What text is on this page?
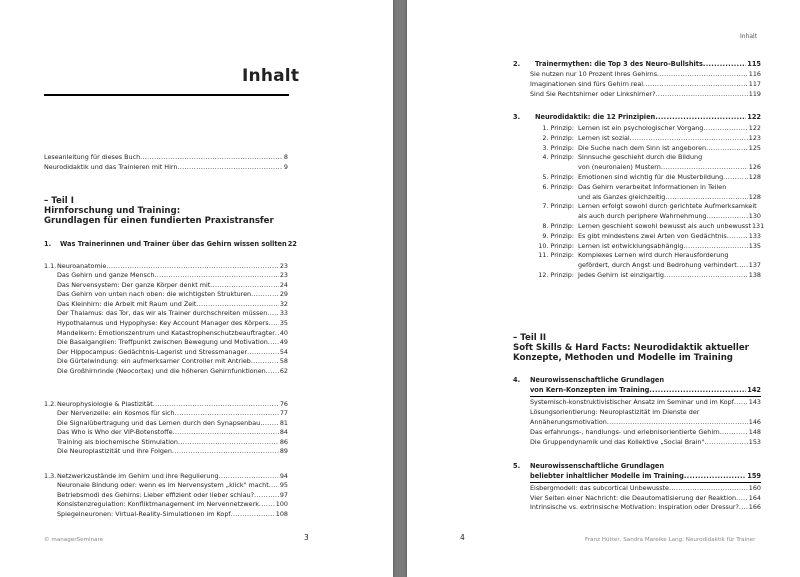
Inhalt
Leseanleitung für dieses Buch .....	8
Neurodidaktik und das Trainieren mit Hirn .....	9
– Teil I
Hirnforschung und Training:
Grundlagen für einen fundierten Praxistransfer
1. Was Trainerinnen und Trainer über das Gehirn wissen sollten 22
1.1.Neuroanatomie .....	23
Das Gehirn und ganze Mensch .....	23
Das Nervensystem: Der ganze Körper denkt mit .....	24
Das Gehirn von unten nach oben: die wichtigsten Strukturen .....	29
Das Kleinhirn: die Arbeit mit Raum und Zeit .....	32
Der Thalamus: das Tor, das wir als Trainer durchschreiten müssen ..... 33
Hypothalamus und Hypophyse: Key Account Manager des Körpers ..... 35
Mandelkern: Emotionszentrum und Katastrophenschutzbeauftragter ..... 40
Die Basalganglien: Treffpunkt zwischen Bewegung und Motivation ..... 49
Der Hippocampus: Gedächtnis-Lagerist und Stressmanager .....	54
Die Gürtelwindung: ein aufmerksamer Controller mit Antrieb .....	58
Die Großhirnrinde (Neocortex) und die höheren Gehirnfunktionen ..... 62
1.2.Neurophysiologie & Plastizität .....	76
Der Nervenzelle: ein Kosmos für sich .....	77
Die Signalübertragung und das Lernen durch den Synapsenbau .....	81
Das Who is Who der VIP-Botenstoffe .....	84
Training als biochemische Stimulation .....	86
Die Neuroplastizität und ihre Folgen .....	89
1.3.Netzwerkzustände im Gehirn und ihre Regulierung .....	94
Neuronale Bindung oder: wenn es im Nervensystem „klick" macht ..... 95
Betriebsmodi des Gehirns: Lieber effizient oder lieber schlau? .....	97
Konsistenzregulation: Konfliktmanagement im Nervennetzwerk .....	100
Spiegelneuronen: Virtual-Reality-Simulationen im Kopf .....	108
© managerSeminare	3
Inhalt
2. Trainermythen: die Top 3 des Neuro-Bullshits .....	115
Sie nutzen nur 10 Prozent Ihres Gehirns .....	116
Imaginationen sind fürs Gehirn real .....	117
Sind Sie Rechtshirner oder Linkshirner? .....	119
3. Neurodidaktik: die 12 Prinzipien .....	122
1. Prinzip: Lernen ist ein psychologischer Vorgang .....	122
2. Prinzip: Lernen ist sozial .....	123
3. Prinzip: Die Suche nach dem Sinn ist angeboren .....	125
4. Prinzip: Sinnsuche geschieht durch die Bildung
von (neuronalen) Mustern .....	126
5. Prinzip: Emotionen sind wichtig für die Musterbildung .....	128
6. Prinzip: Das Gehirn verarbeitet Informationen in Teilen
und als Ganzes gleichzeitig .....	128
7. Prinzip: Lernen erfolgt sowohl durch gerichtete Aufmerksamkeit
als auch durch periphere Wahrnehmung .....	130
8. Prinzip: Lernen geschieht sowohl bewusst als auch unbewusst 131
9. Prinzip: Es gibt mindestens zwei Arten von Gedächtnis .....	133
10. Prinzip: Lernen ist entwicklungsabhängig .....	135
11. Prinzip: Komplexes Lernen wird durch Herausforderung
gefördert, durch Angst und Bedrohung verhindert ..... 137
12. Prinzip: Jedes Gehirn ist einzigartig .....	138
– Teil II
Soft Skills & Hard Facts: Neurodidaktik aktueller
Konzepte, Methoden und Modelle im Training
4. Neurowissenschaftliche Grundlagen
von Kern-Konzepten im Training .....	142
Systemisch-konstruktivistischer Ansatz im Seminar und im Kopf ..... 143
Lösungsorientierung: Neuroplastizität im Dienste der
Annäherungsmotivation .....	146
Das erfahrungs-, handlungs- und erlebnisorientierte Gehirn .....	148
Die Gruppendynamik und das Kollektive „Social Brain" .....	153
5. Neurowissenschaftliche Grundlagen
beliebter inhaltlicher Modelle im Training .....	159
Eisbergmodell: das subcortical Unbewusste .....	160
Vier Seiten einer Nachricht: die Deautomatisierung der Reaktion ..... 164
Intrinsische vs. extrinsische Motivation: Inspiration oder Dressur? ..... 166
4	Franz Hütter, Sandra Mareike Lang: Neurodidaktik für Trainer
